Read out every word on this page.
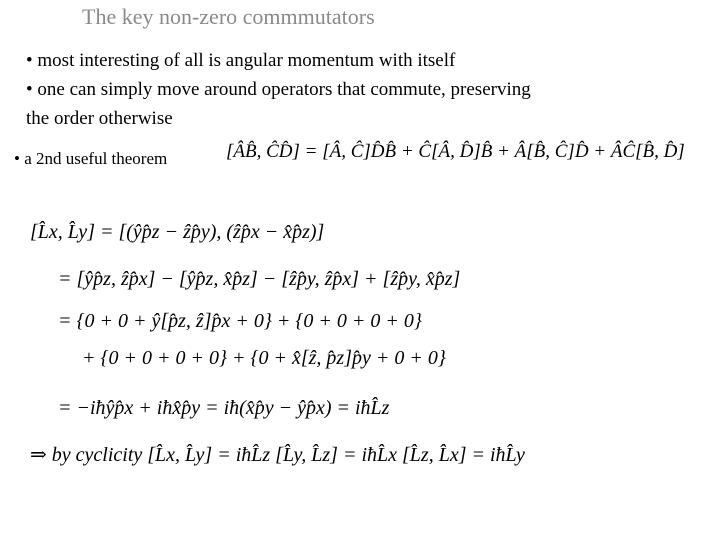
The key non-zero commmutators
• most interesting of all is angular momentum with itself
• one can simply move around operators that commute, preserving
the order otherwise
• a 2nd useful theorem	[ÂB̂, ĈD̂] = [Â, Ĉ]D̂B̂ + Ĉ[Â, D̂]B̂ + Â[B̂, Ĉ]D̂ + ÂĈ[B̂, D̂]
[L̂x, L̂y] = [(ŷp̂z − ẑp̂y), (ẑp̂x − x̂p̂z)]
= [ŷp̂z, ẑp̂x] − [ŷp̂z, x̂p̂z] − [ẑp̂y, ẑp̂x] + [ẑp̂y, x̂p̂z]
= {0 + 0 + ŷ[p̂z, ẑ]p̂x + 0} + {0 + 0 + 0 + 0}
+ {0 + 0 + 0 + 0} + {0 + x̂[ẑ, p̂z]p̂y + 0 + 0}
= −iħŷp̂x + iħx̂p̂y = iħ(x̂p̂y − ŷp̂x) = iħL̂z
⇒ by cyclicity [L̂x, L̂y] = iħL̂z [L̂y, L̂z] = iħL̂x [L̂z, L̂x] = iħL̂y
